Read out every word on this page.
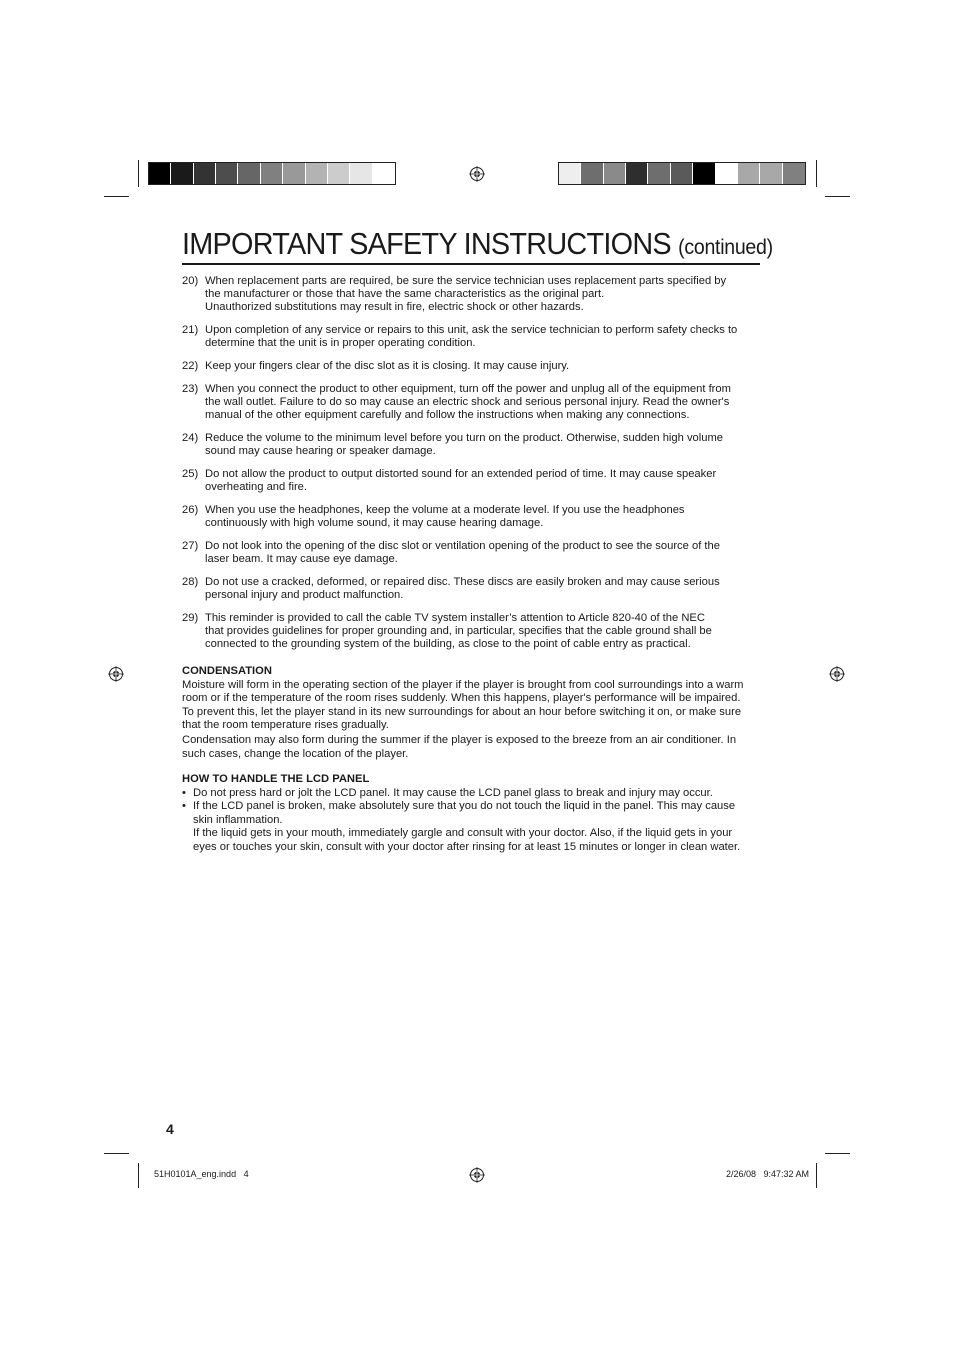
IMPORTANT SAFETY INSTRUCTIONS (continued)
20) When replacement parts are required, be sure the service technician uses replacement parts specified by
the manufacturer or those that have the same characteristics as the original part.
Unauthorized substitutions may result in fire, electric shock or other hazards.
21) Upon completion of any service or repairs to this unit, ask the service technician to perform safety checks to
determine that the unit is in proper operating condition.
22) Keep your fingers clear of the disc slot as it is closing. It may cause injury.
23) When you connect the product to other equipment, turn off the power and unplug all of the equipment from
the wall outlet. Failure to do so may cause an electric shock and serious personal injury. Read the owner's
manual of the other equipment carefully and follow the instructions when making any connections.
24) Reduce the volume to the minimum level before you turn on the product. Otherwise, sudden high volume
sound may cause hearing or speaker damage.
25) Do not allow the product to output distorted sound for an extended period of time. It may cause speaker
overheating and fire.
26) When you use the headphones, keep the volume at a moderate level. If you use the headphones
continuously with high volume sound, it may cause hearing damage.
27) Do not look into the opening of the disc slot or ventilation opening of the product to see the source of the
laser beam. It may cause eye damage.
28) Do not use a cracked, deformed, or repaired disc. These discs are easily broken and may cause serious
personal injury and product malfunction.
29) This reminder is provided to call the cable TV system installer’s attention to Article 820-40 of the NEC
that provides guidelines for proper grounding and, in particular, specifies that the cable ground shall be
connected to the grounding system of the building, as close to the point of cable entry as practical.
CONDENSATION
Moisture will form in the operating section of the player if the player is brought from cool surroundings into a warm
room or if the temperature of the room rises suddenly. When this happens, player's performance will be impaired.
To prevent this, let the player stand in its new surroundings for about an hour before switching it on, or make sure
that the room temperature rises gradually.
Condensation may also form during the summer if the player is exposed to the breeze from an air conditioner. In
such cases, change the location of the player.
HOW TO HANDLE THE LCD PANEL
• Do not press hard or jolt the LCD panel. It may cause the LCD panel glass to break and injury may occur.
• If the LCD panel is broken, make absolutely sure that you do not touch the liquid in the panel. This may cause
skin inflammation.
If the liquid gets in your mouth, immediately gargle and consult with your doctor. Also, if the liquid gets in your
eyes or touches your skin, consult with your doctor after rinsing for at least 15 minutes or longer in clean water.
4
51H0101A_eng.indd   4	2/26/08   9:47:32 AM
